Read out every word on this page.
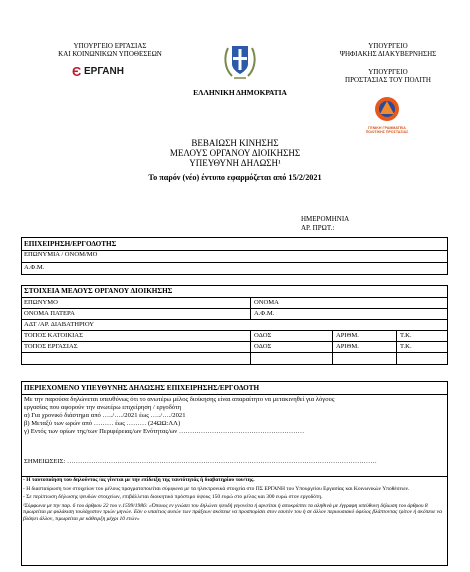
ΥΠΟΥΡΓΕΙΟ ΕΡΓΑΣΙΑΣ
ΚΑΙ ΚΟΙΝΩΝΙΚΩΝ ΥΠΟΘΕΣΕΩΝ
Є ΕΡΓΑΝΗ
ΕΛΛΗΝΙΚΗ ΔΗΜΟΚΡΑΤΙΑ
ΥΠΟΥΡΓΕΙΟ
ΨΗΦΙΑΚΗΣ ΔΙΑΚΥΒΕΡΝΗΣΗΣ
ΥΠΟΥΡΓΕΙΟ
ΠΡΟΣΤΑΣΙΑΣ ΤΟΥ ΠΟΛΙΤΗ
ΓΕΝΙΚΗ ΓΡΑΜΜΑΤΕΙΑ
ΠΟΛΙΤΙΚΗΣ ΠΡΟΣΤΑΣΙΑΣ
ΒΕΒΑΙΩΣΗ ΚΙΝΗΣΗΣ
ΜΕΛΟΥΣ ΟΡΓΑΝΟΥ ΔΙΟΙΚΗΣΗΣ
ΥΠΕΥΘΥΝΗ ΔΗΛΩΣΗ¹
Το παρόν (νέο) έντυπο εφαρμόζεται από 15/2/2021
ΗΜΕΡΟΜΗΝΙΑ
ΑΡ. ΠΡΩΤ.:
ΕΠΙΧΕΙΡΗΣΗ/ΕΡΓΟΔΟΤΗΣ
ΕΠΩΝΥΜΙΑ / ΟΝΟΜ/ΜΟ
Α.Φ.Μ.
ΣΤΟΙΧΕΙΑ ΜΕΛΟΥΣ ΟΡΓΑΝΟΥ ΔΙΟΙΚΗΣΗΣ
ΕΠΩΝΥΜΟ	ΟΝΟΜΑ
ΟΝΟΜΑ ΠΑΤΕΡΑ	Α.Φ.Μ.
ΑΔΤ /ΑΡ. ΔΙΑΒΑΤΗΡΙΟΥ
ΤΟΠΟΣ ΚΑΤΟΙΚΙΑΣ	ΟΔΟΣ	ΑΡΙΘΜ.	Τ.Κ.
ΤΟΠΟΣ ΕΡΓΑΣΙΑΣ	ΟΔΟΣ	ΑΡΙΘΜ.	Τ.Κ.
ΠΕΡΙΕΧΟΜΕΝΟ ΥΠΕΥΘΥΝΗΣ ΔΗΛΩΣΗΣ ΕΠΙΧΕΙΡΗΣΗΣ/ΕΡΓΟΔΟΤΗ
Με την παρούσα δηλώνεται υπευθύνως ότι το ανωτέρω μέλος διοίκησης είναι απαραίτητο να μετακινηθεί για λόγους
εργασίας που αφορούν την ανωτέρω επιχείρηση / εργοδότη
α) Για χρονικό διάστημα από …../…./2021 έως …../…./2021
β) Μεταξύ των ωρών από ……… έως ……… (24ΩΩ:ΛΛ)
γ) Εντός των ορίων της/των Περιφέρειας/ων Ενότητας/ων …………………………………………………
ΣΗΜΕΙΩΣΕΙΣ: ……………………………………………………………………………………………………………………………
- Η ταυτοποίηση του δηλούντος /ας γίνεται με την επίδειξη της ταυτότητάς ή διαβατηρίου του/της.
- Η διασταύρωση των στοιχείων του μέλους πραγματοποιείται σύμφωνα με τα ηλεκτρονικά στοιχεία στο ΠΣ ΕΡΓΑΝΗ του Υπουργείου Εργασίας και Κοινωνικών Υποθέσεων.
- Σε περίπτωση δήλωσης ψευδών στοιχείων, επιβάλλεται διοικητικό πρόστιμο ύψους 150 ευρώ στο μέλος και 300 ευρώ στον εργοδότη.
¹Σύμφωνα με την παρ. 6 του άρθρου 22 του ν.1599/1986: «Όποιος εν γνώσει του δηλώνει ψευδή γεγονότα ή αρνείται ή αποκρύπτει τα αληθινά με έγγραφη υπεύθυνη δήλωση του άρθρου 8 τιμωρείται με φυλάκιση τουλάχιστον τριών μηνών. Εάν ο υπαίτιος αυτών των πράξεων σκόπευε να προσπορίσει στον εαυτόν του ή σε άλλον περιουσιακό όφελος βλάπτοντας τρίτον ή σκόπευε να βλάψει άλλον, τιμωρείται με κάθειρξη μέχρι 10 ετών»
